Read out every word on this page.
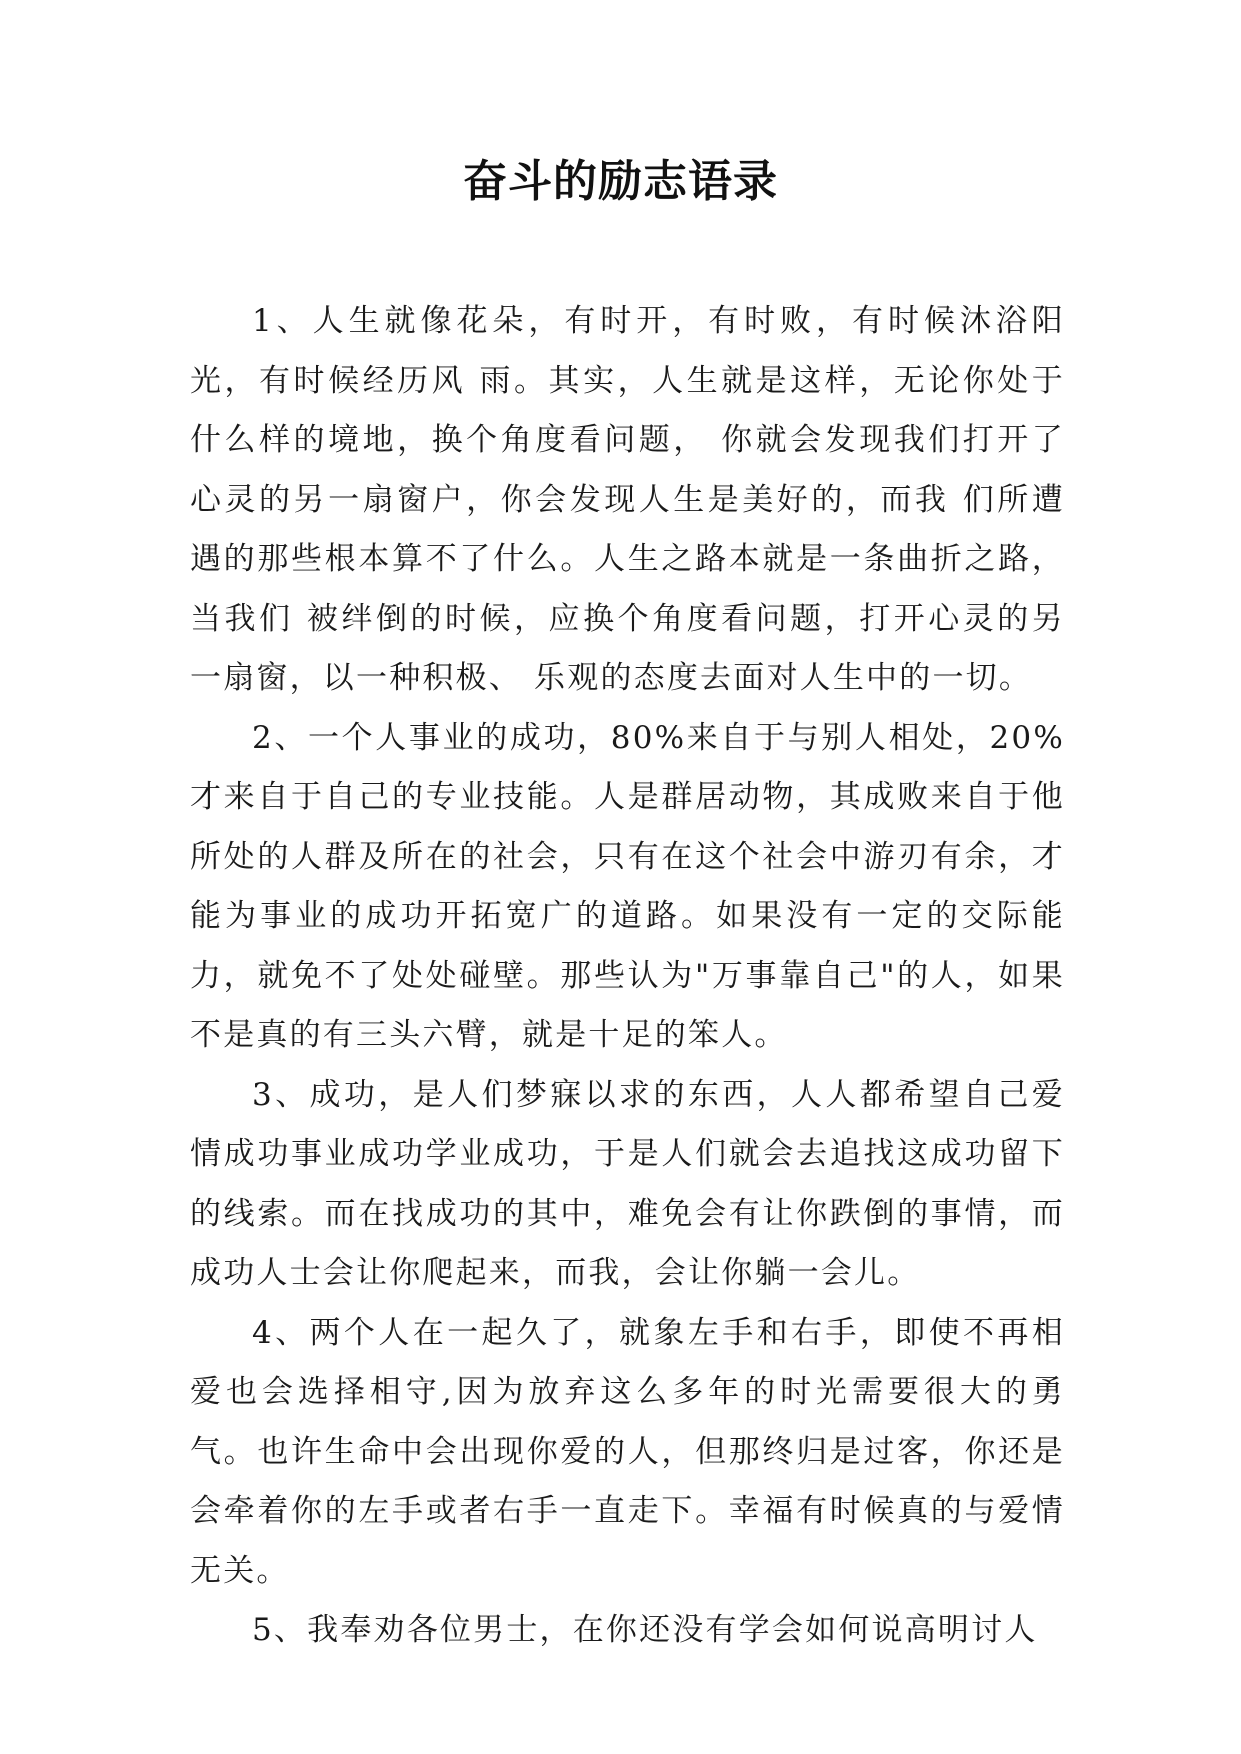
奋斗的励志语录

1、人生就像花朵，有时开，有时败，有时候沐浴阳光，有时候经历风 雨。其实，人生就是这样，无论你处于什么样的境地，换个角度看问题， 你就会发现我们打开了心灵的另一扇窗户，你会发现人生是美好的，而我 们所遭遇的那些根本算不了什么。人生之路本就是一条曲折之路，当我们 被绊倒的时候，应换个角度看问题，打开心灵的另一扇窗，以一种积极、 乐观的态度去面对人生中的一切。

2、一个人事业的成功，80%来自于与别人相处，20%才来自于自己的专业技能。人是群居动物，其成败来自于他所处的人群及所在的社会，只有在这个社会中游刃有余，才能为事业的成功开拓宽广的道路。如果没有一定的交际能力，就免不了处处碰壁。那些认为"万事靠自己"的人，如果不是真的有三头六臂，就是十足的笨人。

3、成功，是人们梦寐以求的东西，人人都希望自己爱情成功事业成功学业成功，于是人们就会去追找这成功留下的线索。而在找成功的其中，难免会有让你跌倒的事情，而成功人士会让你爬起来，而我，会让你躺一会儿。

4、两个人在一起久了，就象左手和右手，即使不再相爱也会选择相守,因为放弃这么多年的时光需要很大的勇气。也许生命中会出现你爱的人，但那终归是过客，你还是会牵着你的左手或者右手一直走下。幸福有时候真的与爱情无关。

5、我奉劝各位男士，在你还没有学会如何说高明讨人
